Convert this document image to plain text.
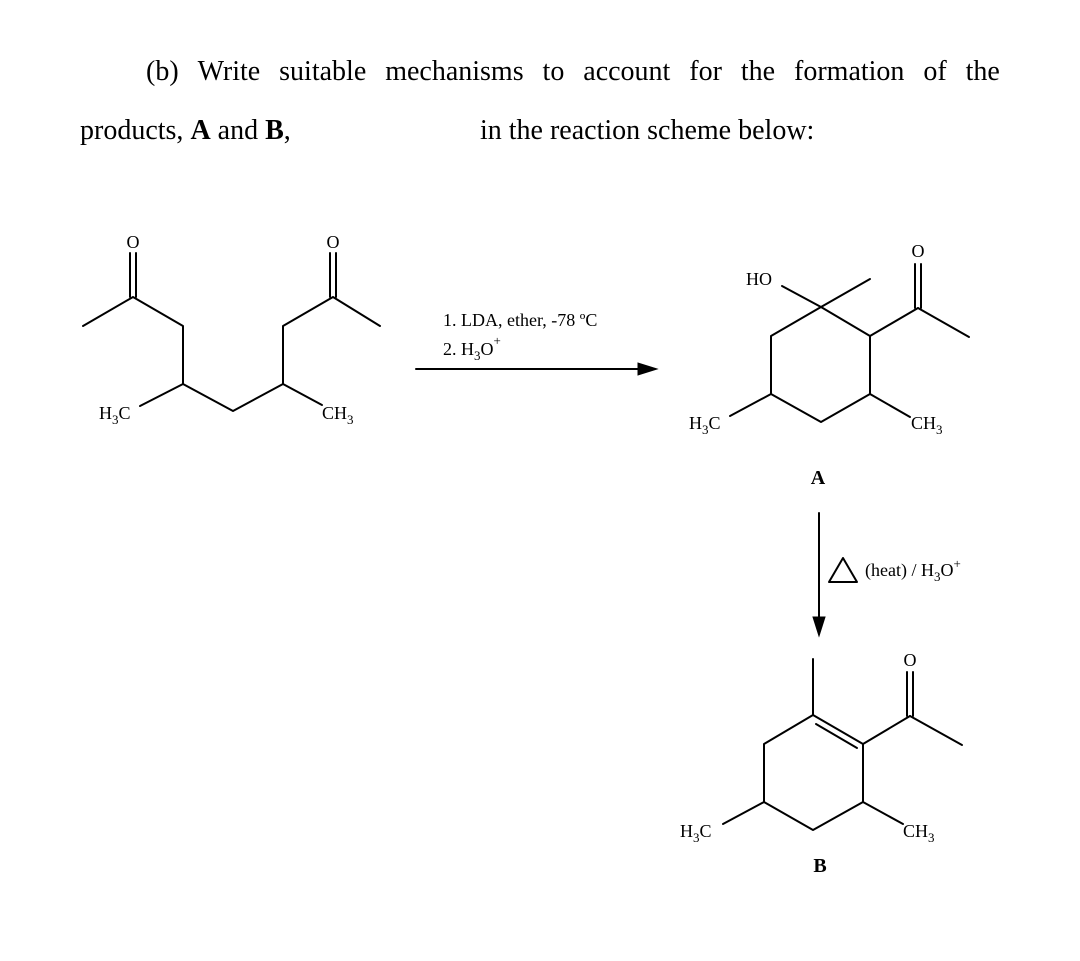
(b) Write suitable mechanisms to account for the formation of the
products, A and B,	in the reaction scheme below:
O	O
$H_3C$	$CH_3$
1. LDA, ether, -78 ºC
2. $H_3O^+$
HO
O
$H_3C$	$CH_3$
A
(heat) / $H_3O^+$
O
$H_3C$	$CH_3$
B
